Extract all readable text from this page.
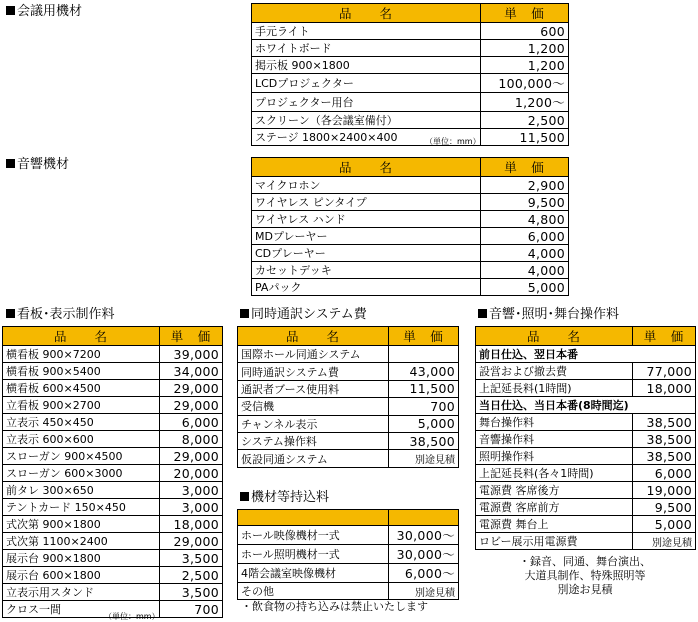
会議用機材	品　　名	単　価
手元ライト	600
ホワイトボード	1,200
掲示板 900×1800	1,200
LCDプロジェクター	100,000〜
プロジェクター用台	1,200〜
スクリーン（各会議室備付）	2,500
ステージ 1800×2400×400	11,500
（単位：mm）
音響機材	品　　名	単　価
マイクロホン	2,900
ワイヤレス ピンタイプ	9,500
ワイヤレス ハンド	4,800
MDプレーヤー	6,000
CDプレーヤー	4,000
カセットデッキ	4,000
PAパック	5,000
看板･表示制作料
品　　名	単　価
横看板 900×7200	39,000
横看板 900×5400	34,000
横看板 600×4500	29,000
立看板 900×2700	29,000
立表示 450×450	6,000
立表示 600×600	8,000
スローガン 900×4500	29,000
スローガン 600×3000	20,000
前タレ 300×650	3,000
テントカード 150×450	3,000
式次第 900×1800	18,000
式次第 1100×2400	29,000
展示台 900×1800	3,500
展示台 600×1800	2,500
立表示用スタンド	3,500
クロス一間	700
（単位：mm）
同時通訳システム費
品　　名	単　価
国際ホール同通システム	
同時通訳システム費	43,000
通訳者ブース使用料	11,500
受信機	700
チャンネル表示	5,000
システム操作料	38,500
仮設同通システム	別途見積
機材等持込料

ホール映像機材一式	30,000〜
ホール照明機材一式	30,000〜
4階会議室映像機材	6,000〜
その他	別途見積
・飲食物の持ち込みは禁止いたします
音響･照明･舞台操作料
品　　名	単　価
前日仕込、翌日本番	
設営および撤去費	77,000
上記延長料(1時間)	18,000
当日仕込、当日本番(8時間迄)	
舞台操作料	38,500
音響操作料	38,500
照明操作料	38,500
上記延長料(各々1時間)	6,000
電源費 客席後方	19,000
電源費 客席前方	9,500
電源費 舞台上	5,000
ロビー展示用電源費	別途見積
・録音、同通、舞台演出、
大道具制作、特殊照明等
別途お見積
